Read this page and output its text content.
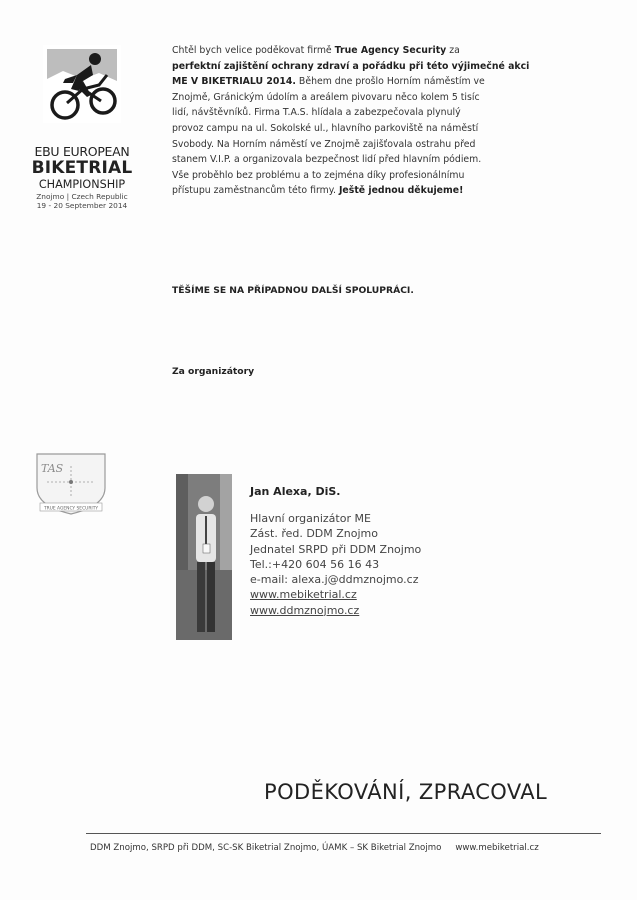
EBU EUROPEAN
BIKETRIAL
CHAMPIONSHIP
Znojmo | Czech Republic
19 - 20 September 2014
Chtěl bych velice poděkovat firmě True Agency Security za
perfektní zajištění ochrany zdraví a pořádku při této výjimečné akci
ME V BIKETRIALU 2014. Během dne prošlo Horním náměstím ve
Znojmě, Gránickým údolím a areálem pivovaru něco kolem 5 tisíc
lidí, návštěvníků. Firma T.A.S. hlídala a zabezpečovala plynulý
provoz campu na ul. Sokolské ul., hlavního parkoviště na náměstí
Svobody. Na Horním náměstí ve Znojmě zajišťovala ostrahu před
stanem V.I.P. a organizovala bezpečnost lidí před hlavním pódiem.
Vše proběhlo bez problému a to zejména díky profesionálnímu
přístupu zaměstnancům této firmy. Ještě jednou děkujeme!
TĚŠÍME SE NA PŘÍPADNOU DALŠÍ SPOLUPRÁCI.
Za organizátory
TAS
TRUE AGENCY SECURITY
Jan Alexa, DiS.
Hlavní organizátor ME
Zást. řed. DDM Znojmo
Jednatel SRPD při DDM Znojmo
Tel.:+420 604 56 16 43
e-mail: alexa.j@ddmznojmo.cz
www.mebiketrial.cz
www.ddmznojmo.cz
PODĚKOVÁNÍ, ZPRACOVAL
DDM Znojmo, SRPD při DDM, SC-SK Biketrial Znojmo, ÚAMK – SK Biketrial Znojmo www.mebiketrial.cz
